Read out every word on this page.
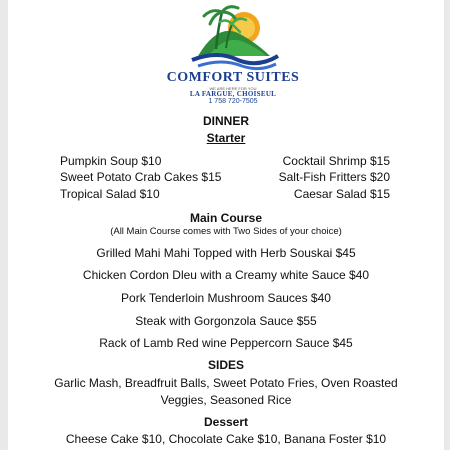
COMFORT SUITES
WE ARE HERE FOR YOU
LA FARGUE, CHOISEUL
1 758 720-7505
DINNER
Starter
Pumpkin Soup $10
Sweet Potato Crab Cakes $15
Tropical Salad $10
Cocktail Shrimp $15
Salt-Fish Fritters $20
Caesar Salad $15
Main Course
(All Main Course comes with Two Sides of your choice)
Grilled Mahi Mahi Topped with Herb Souskai $45
Chicken Cordon Dleu with a Creamy white Sauce $40
Pork Tenderloin Mushroom Sauces $40
Steak with Gorgonzola Sauce $55
Rack of Lamb Red wine Peppercorn Sauce $45
SIDES
Garlic Mash, Breadfruit Balls, Sweet Potato Fries, Oven Roasted
Veggies, Seasoned Rice
Dessert
Cheese Cake $10, Chocolate Cake $10, Banana Foster $10
